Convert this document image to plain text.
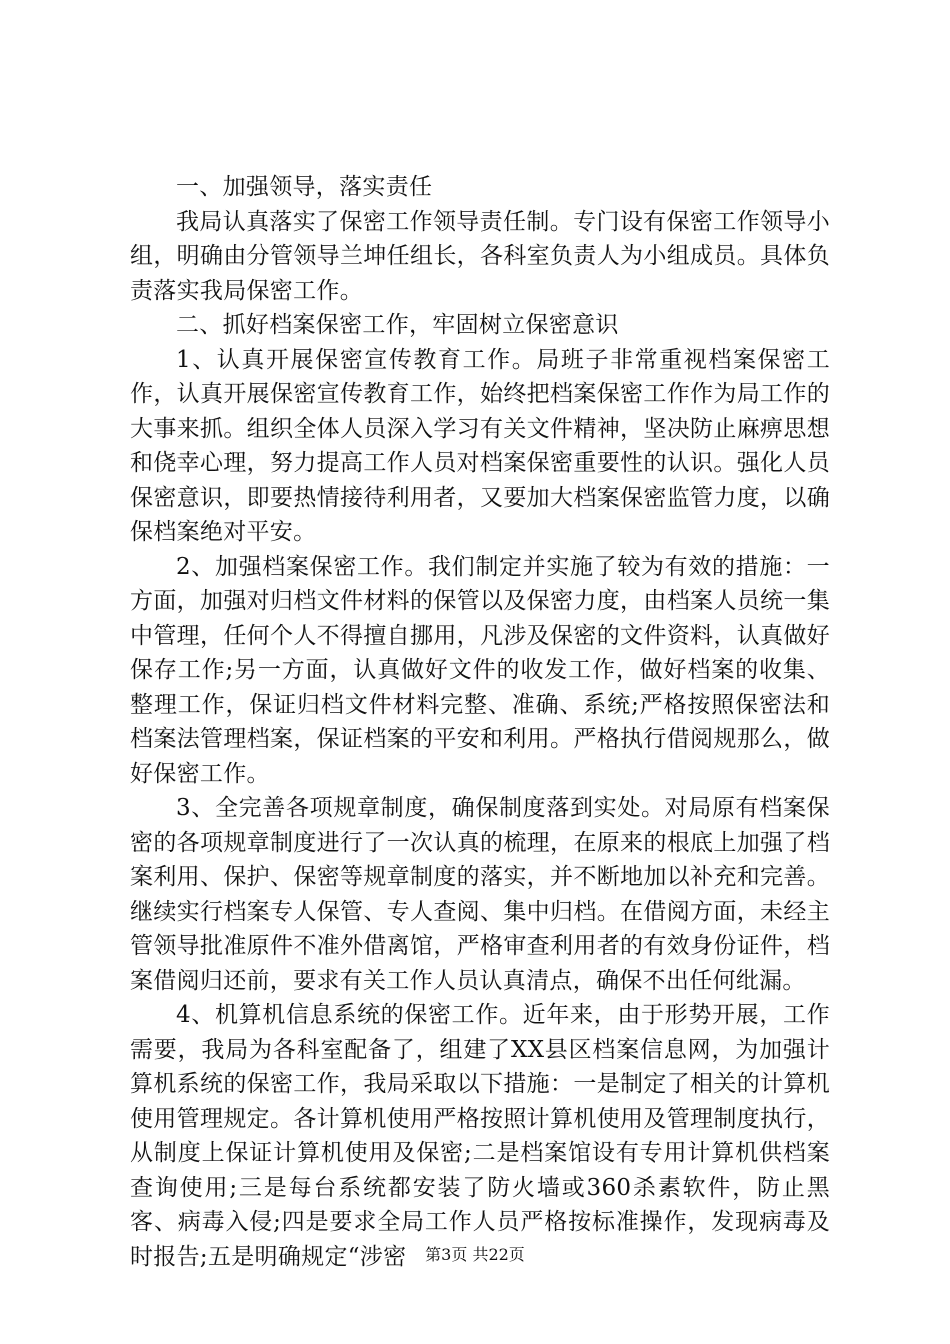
一、加强领导，落实责任

我局认真落实了保密工作领导责任制。专门设有保密工作领导小组，明确由分管领导兰坤任组长，各科室负责人为小组成员。具体负责落实我局保密工作。

二、抓好档案保密工作，牢固树立保密意识

1、认真开展保密宣传教育工作。局班子非常重视档案保密工作，认真开展保密宣传教育工作，始终把档案保密工作作为局工作的大事来抓。组织全体人员深入学习有关文件精神，坚决防止麻痹思想和侥幸心理，努力提高工作人员对档案保密重要性的认识。强化人员保密意识，即要热情接待利用者，又要加大档案保密监管力度，以确保档案绝对平安。

2、加强档案保密工作。我们制定并实施了较为有效的措施：一方面，加强对归档文件材料的保管以及保密力度，由档案人员统一集中管理，任何个人不得擅自挪用，凡涉及保密的文件资料，认真做好保存工作;另一方面，认真做好文件的收发工作，做好档案的收集、整理工作，保证归档文件材料完整、准确、系统;严格按照保密法和档案法管理档案，保证档案的平安和利用。严格执行借阅规那么，做好保密工作。

3、全完善各项规章制度，确保制度落到实处。对局原有档案保密的各项规章制度进行了一次认真的梳理，在原来的根底上加强了档案利用、保护、保密等规章制度的落实，并不断地加以补充和完善。继续实行档案专人保管、专人查阅、集中归档。在借阅方面，未经主管领导批准原件不准外借离馆，严格审查利用者的有效身份证件，档案借阅归还前，要求有关工作人员认真清点，确保不出任何纰漏。

4、机算机信息系统的保密工作。近年来，由于形势开展，工作需要，我局为各科室配备了，组建了XX县区档案信息网，为加强计算机系统的保密工作，我局采取以下措施：一是制定了相关的计算机使用管理规定。各计算机使用严格按照计算机使用及管理制度执行，从制度上保证计算机使用及保密;二是档案馆设有专用计算机供档案查询使用;三是每台系统都安装了防火墙或360杀素软件，防止黑客、病毒入侵;四是要求全局工作人员严格按标准操作，发现病毒及时报告;五是明确规定“涉密	第3页 共22页
